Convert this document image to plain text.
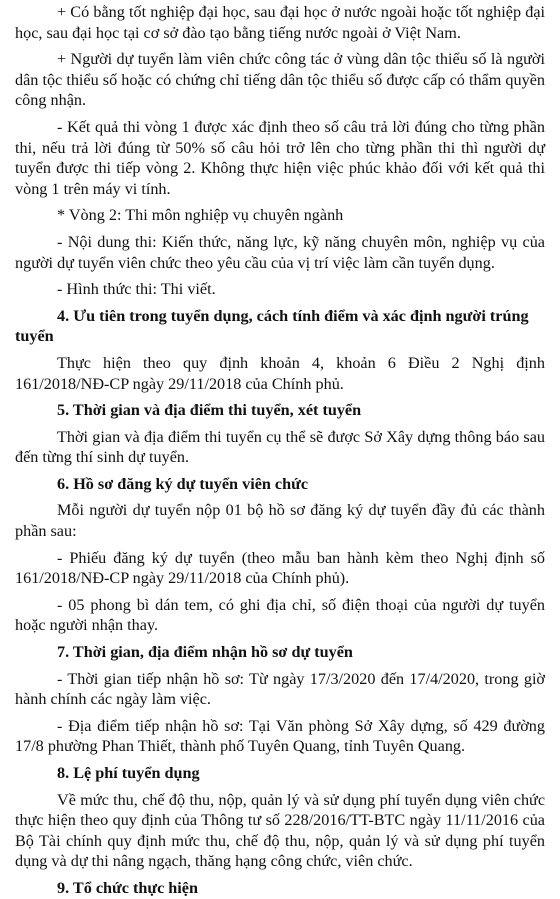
+ Có bằng tốt nghiệp đại học, sau đại học ở nước ngoài hoặc tốt nghiệp đại học, sau đại học tại cơ sở đào tạo bằng tiếng nước ngoài ở Việt Nam.

+ Người dự tuyển làm viên chức công tác ở vùng dân tộc thiểu số là người dân tộc thiểu số hoặc có chứng chỉ tiếng dân tộc thiểu số được cấp có thẩm quyền công nhận.

- Kết quả thi vòng 1 được xác định theo số câu trả lời đúng cho từng phần thi, nếu trả lời đúng từ 50% số câu hỏi trở lên cho từng phần thi thì người dự tuyển được thi tiếp vòng 2. Không thực hiện việc phúc khảo đối với kết quả thi vòng 1 trên máy vi tính.

* Vòng 2: Thi môn nghiệp vụ chuyên ngành

- Nội dung thi: Kiến thức, năng lực, kỹ năng chuyên môn, nghiệp vụ của người dự tuyển viên chức theo yêu cầu của vị trí việc làm cần tuyển dụng.

- Hình thức thi: Thi viết.

4. Ưu tiên trong tuyển dụng, cách tính điểm và xác định người trúng tuyển

Thực hiện theo quy định khoản 4, khoản 6 Điều 2 Nghị định 161/2018/NĐ-CP ngày 29/11/2018 của Chính phủ.

5. Thời gian và địa điểm thi tuyển, xét tuyển

Thời gian và địa điểm thi tuyển cụ thể sẽ được Sở Xây dựng thông báo sau đến từng thí sinh dự tuyển.

6. Hồ sơ đăng ký dự tuyển viên chức

Mỗi người dự tuyển nộp 01 bộ hồ sơ đăng ký dự tuyển đầy đủ các thành phần sau:

- Phiếu đăng ký dự tuyển (theo mẫu ban hành kèm theo Nghị định số 161/2018/NĐ-CP ngày 29/11/2018 của Chính phủ).

- 05 phong bì dán tem, có ghi địa chỉ, số điện thoại của người dự tuyển hoặc người nhận thay.

7. Thời gian, địa điểm nhận hồ sơ dự tuyển

- Thời gian tiếp nhận hồ sơ: Từ ngày 17/3/2020 đến 17/4/2020, trong giờ hành chính các ngày làm việc.

- Địa điểm tiếp nhận hồ sơ: Tại Văn phòng Sở Xây dựng, số 429 đường 17/8 phường Phan Thiết, thành phố Tuyên Quang, tỉnh Tuyên Quang.

8. Lệ phí tuyển dụng

Về mức thu, chế độ thu, nộp, quản lý và sử dụng phí tuyển dụng viên chức thực hiện theo quy định của Thông tư số 228/2016/TT-BTC ngày 11/11/2016 của Bộ Tài chính quy định mức thu, chế độ thu, nộp, quản lý và sử dụng phí tuyển dụng và dự thi nâng ngạch, thăng hạng công chức, viên chức.

9. Tổ chức thực hiện
